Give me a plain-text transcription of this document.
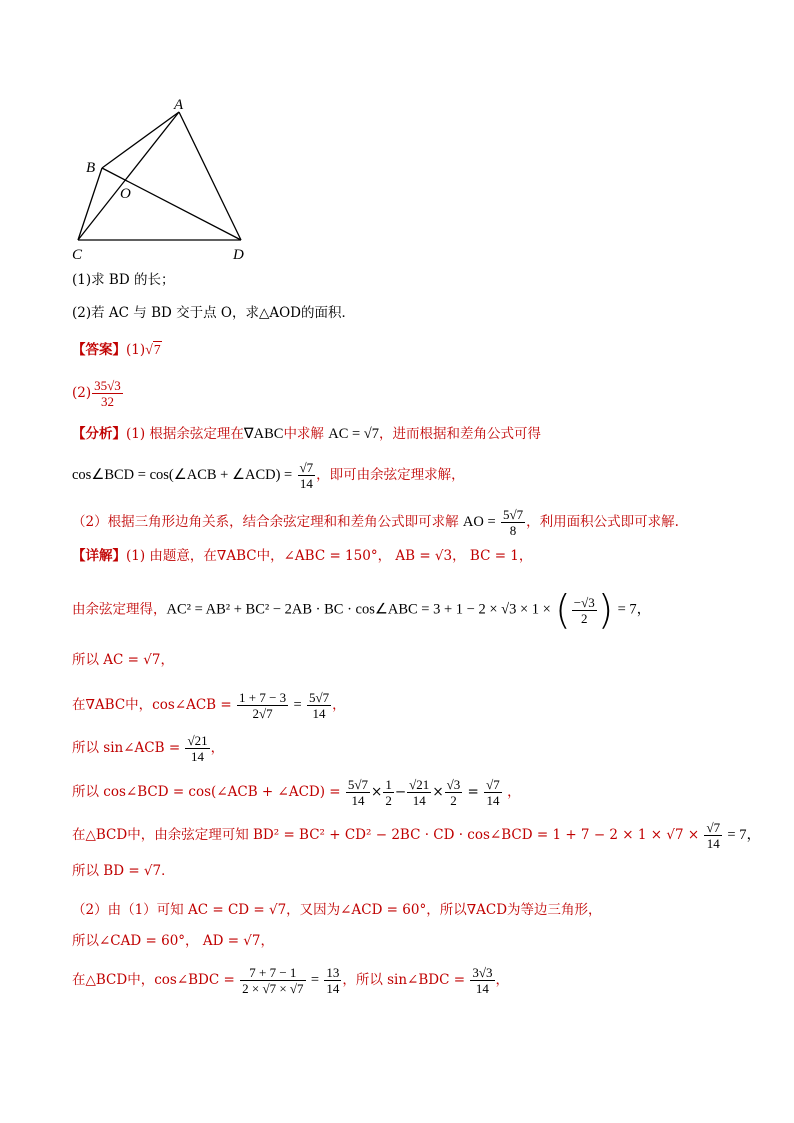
A
B
O
C	D
(1)求 BD 的长；
(2)若 AC 与 BD 交于点 O，求△AOD的面积．
【答案】(1)√7
$(2) \frac{35√3}{32}$
【分析】(1) 根据余弦定理在∇ABC中求解 AC = √7，进而根据和差角公式可得
cos∠BCD = cos(∠ACB + ∠ACD) = $\frac{√7}{14}$ ，即可由余弦定理求解，
（2）根据三角形边角关系，结合余弦定理和和差角公式即可求解 AO = $\frac{5√7}{8}$ ，利用面积公式即可求解.
【详解】(1) 由题意，在∇ABC中，∠ABC = 150°， AB = √3， BC = 1，
由余弦定理得，AC² = AB² + BC² − 2AB · BC · cos∠ABC = 3 + 1 − 2 × √3 × 1 × ( $\frac{-√3}{2}$ ) = 7，
所以 AC = √7，
在∇ABC中，cos∠ACB = $\frac{1 + 7 - 3}{2√7} = \frac{5√7}{14}$ ，
所以 sin∠ACB = $\frac{√21}{14}$ ，
所以 cos∠BCD = cos(∠ACB + ∠ACD) = $\frac{5√7}{14} \times \frac{1}{2} - \frac{√21}{14} \times \frac{√3}{2} = \frac{√7}{14}$ ，
在△BCD中，由余弦定理可知 BD² = BC² + CD² − 2BC · CD · cos∠BCD = $1 + 7 - 2 \times 1 \times √7 \times \frac{√7}{14} = 7$，
所以 BD = √7．
（2）由（1）可知 AC = CD = √7，又因为∠ACD = 60°，所以∇ACD为等边三角形，
所以∠CAD = 60°， AD = √7，
在△BCD中，cos∠BDC = $\frac{7 + 7 - 1}{2 \times √7 \times √7} = \frac{13}{14}$ ，所以 sin∠BDC = $\frac{3√3}{14}$ ，
